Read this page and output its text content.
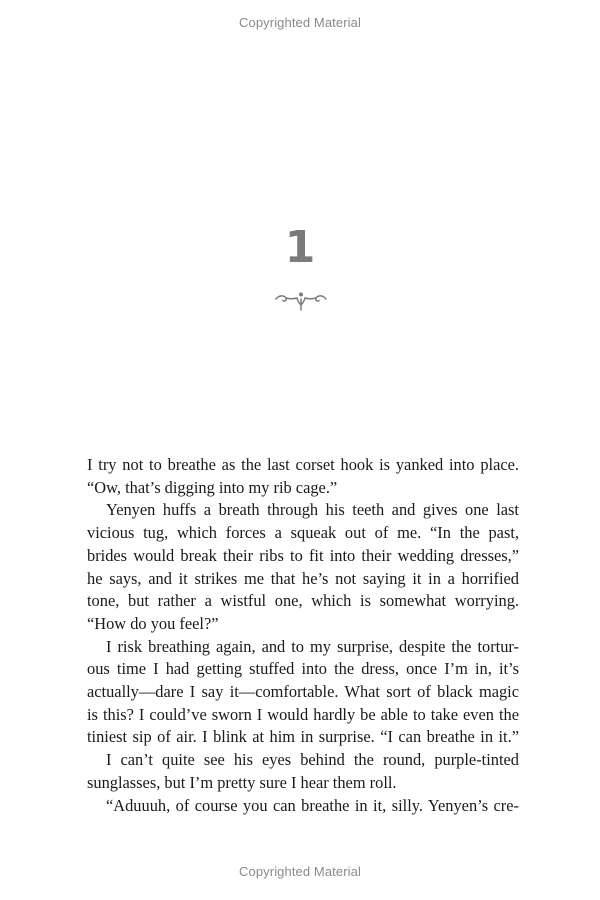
Copyrighted Material
1
I try not to breathe as the last corset hook is yanked into place.
“Ow, that’s digging into my rib cage.”
Yenyen huffs a breath through his teeth and gives one last
vicious tug, which forces a squeak out of me. “In the past,
brides would break their ribs to fit into their wedding dresses,”
he says, and it strikes me that he’s not saying it in a horrified
tone, but rather a wistful one, which is somewhat worrying.
“How do you feel?”
I risk breathing again, and to my surprise, despite the tortur-
ous time I had getting stuffed into the dress, once I’m in, it’s
actually—dare I say it—comfortable. What sort of black magic
is this? I could’ve sworn I would hardly be able to take even the
tiniest sip of air. I blink at him in surprise. “I can breathe in it.”
I can’t quite see his eyes behind the round, purple-tinted
sunglasses, but I’m pretty sure I hear them roll.
“Aduuuh, of course you can breathe in it, silly. Yenyen’s cre-
Copyrighted Material
